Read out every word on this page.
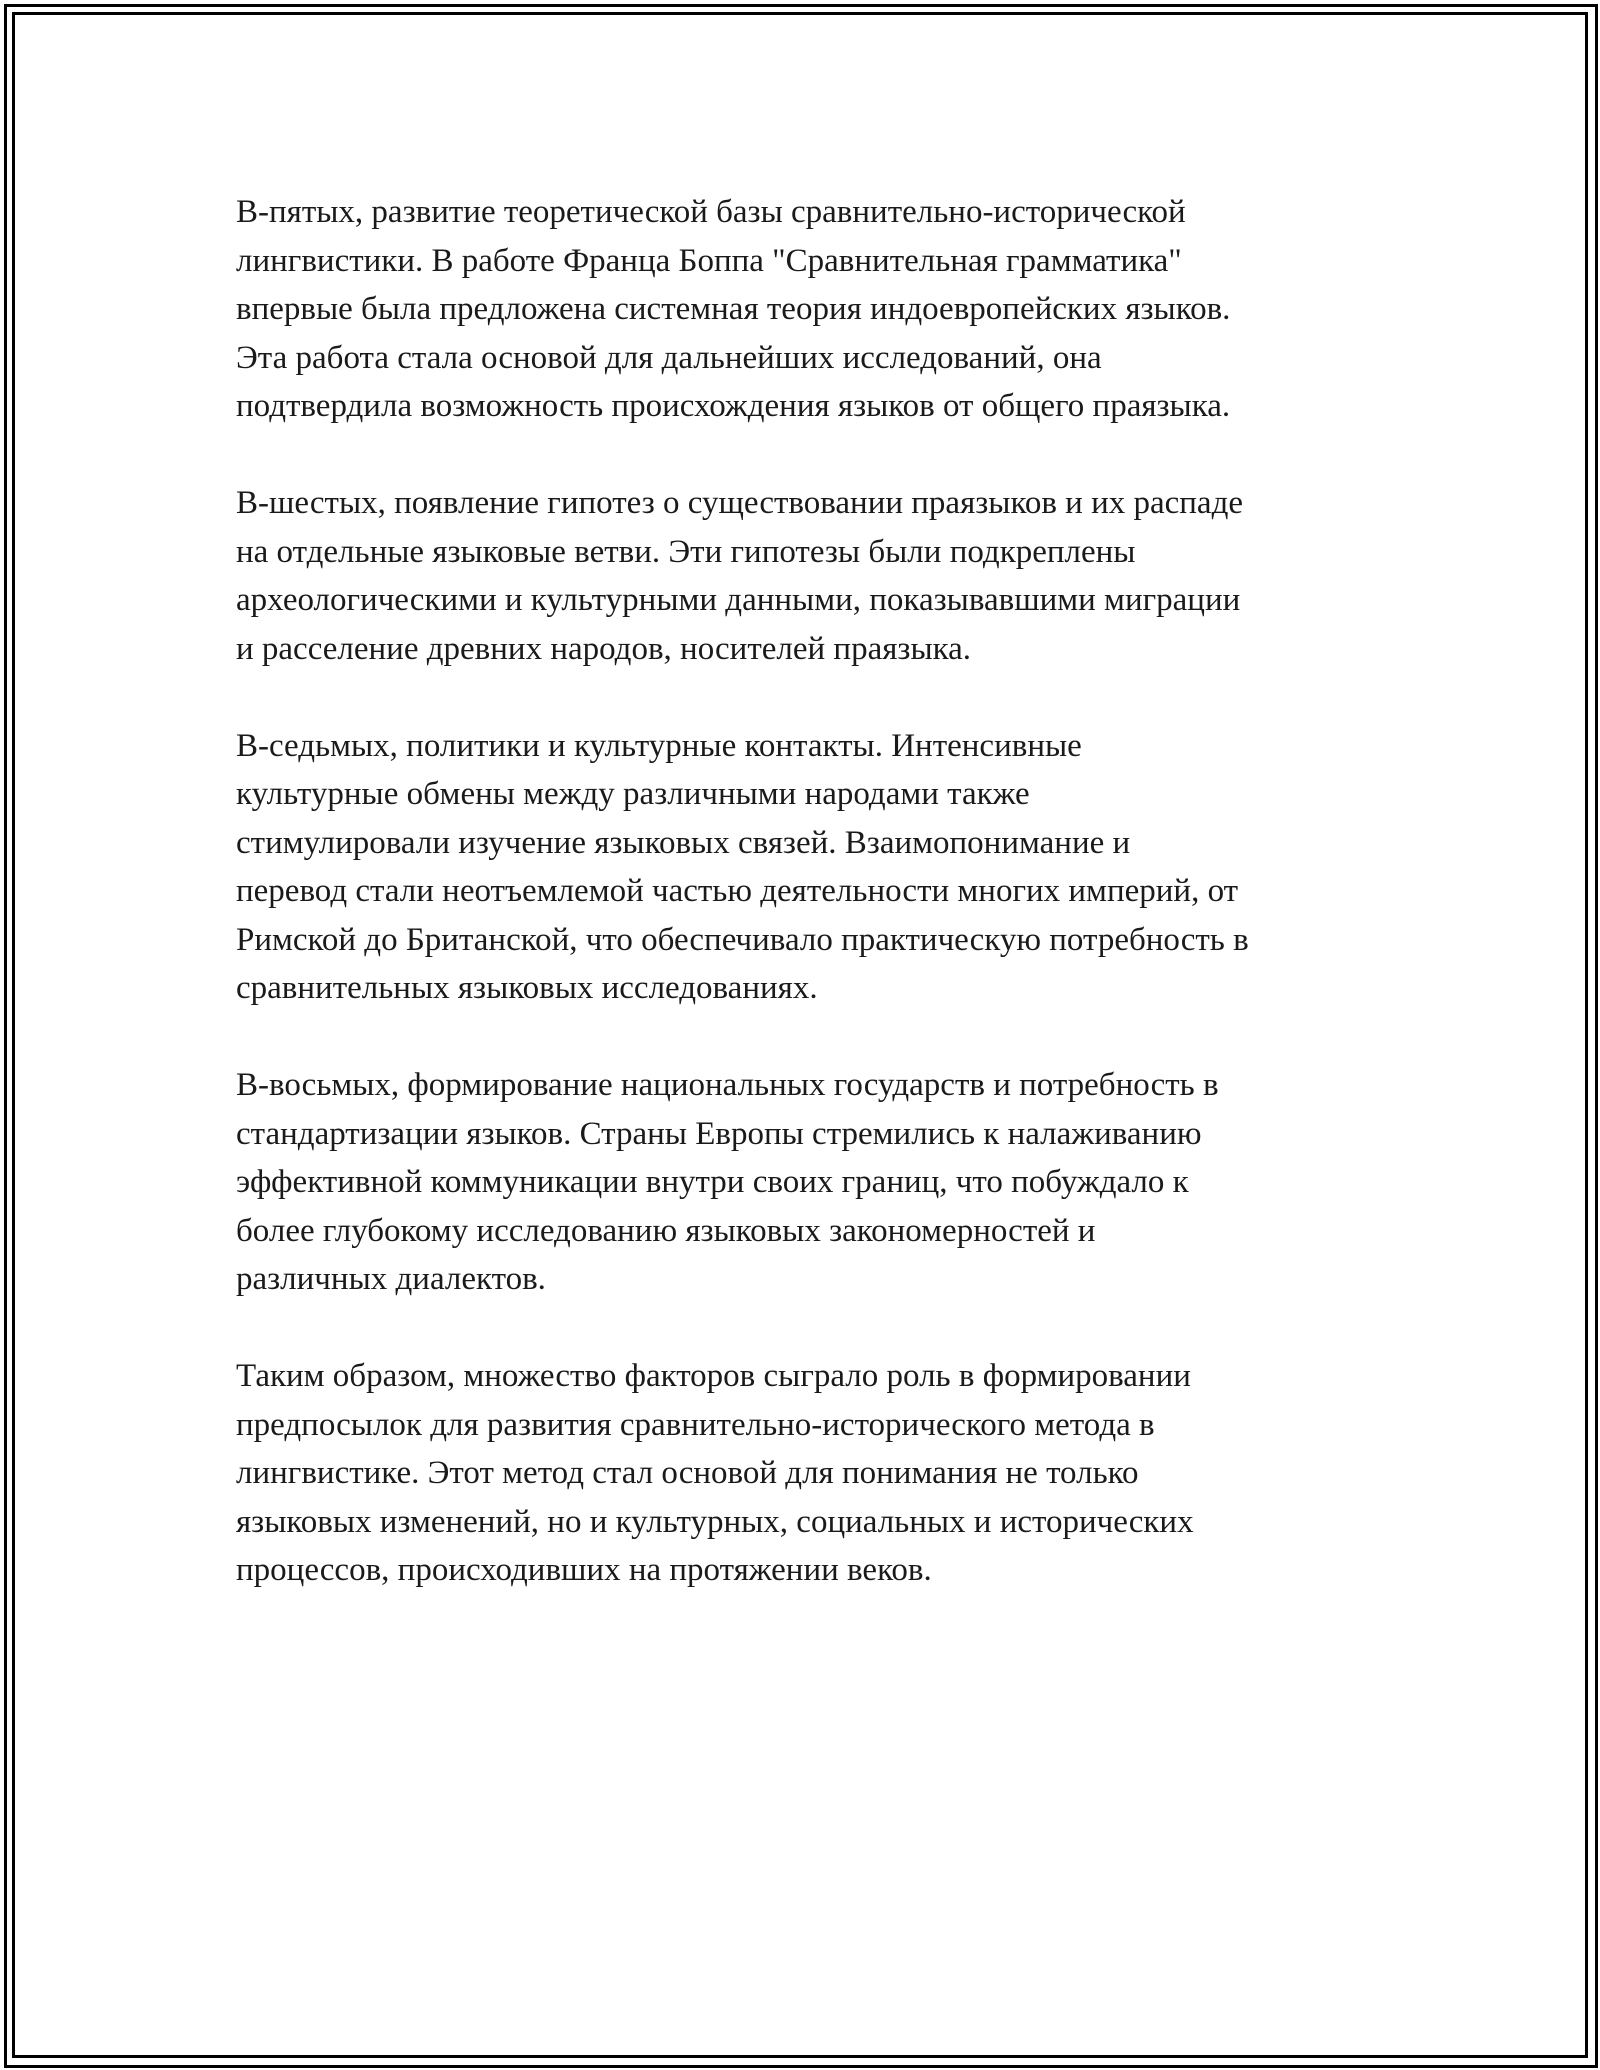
В-пятых, развитие теоретической базы сравнительно-исторической
лингвистики. В работе Франца Боппа "Сравнительная грамматика"
впервые была предложена системная теория индоевропейских языков.
Эта работа стала основой для дальнейших исследований, она
подтвердила возможность происхождения языков от общего праязыка.

В-шестых, появление гипотез о существовании праязыков и их распаде
на отдельные языковые ветви. Эти гипотезы были подкреплены
археологическими и культурными данными, показывавшими миграции
и расселение древних народов, носителей праязыка.

В-седьмых, политики и культурные контакты. Интенсивные
культурные обмены между различными народами также
стимулировали изучение языковых связей. Взаимопонимание и
перевод стали неотъемлемой частью деятельности многих империй, от
Римской до Британской, что обеспечивало практическую потребность в
сравнительных языковых исследованиях.

В-восьмых, формирование национальных государств и потребность в
стандартизации языков. Страны Европы стремились к налаживанию
эффективной коммуникации внутри своих границ, что побуждало к
более глубокому исследованию языковых закономерностей и
различных диалектов.

Таким образом, множество факторов сыграло роль в формировании
предпосылок для развития сравнительно-исторического метода в
лингвистике. Этот метод стал основой для понимания не только
языковых изменений, но и культурных, социальных и исторических
процессов, происходивших на протяжении веков.
